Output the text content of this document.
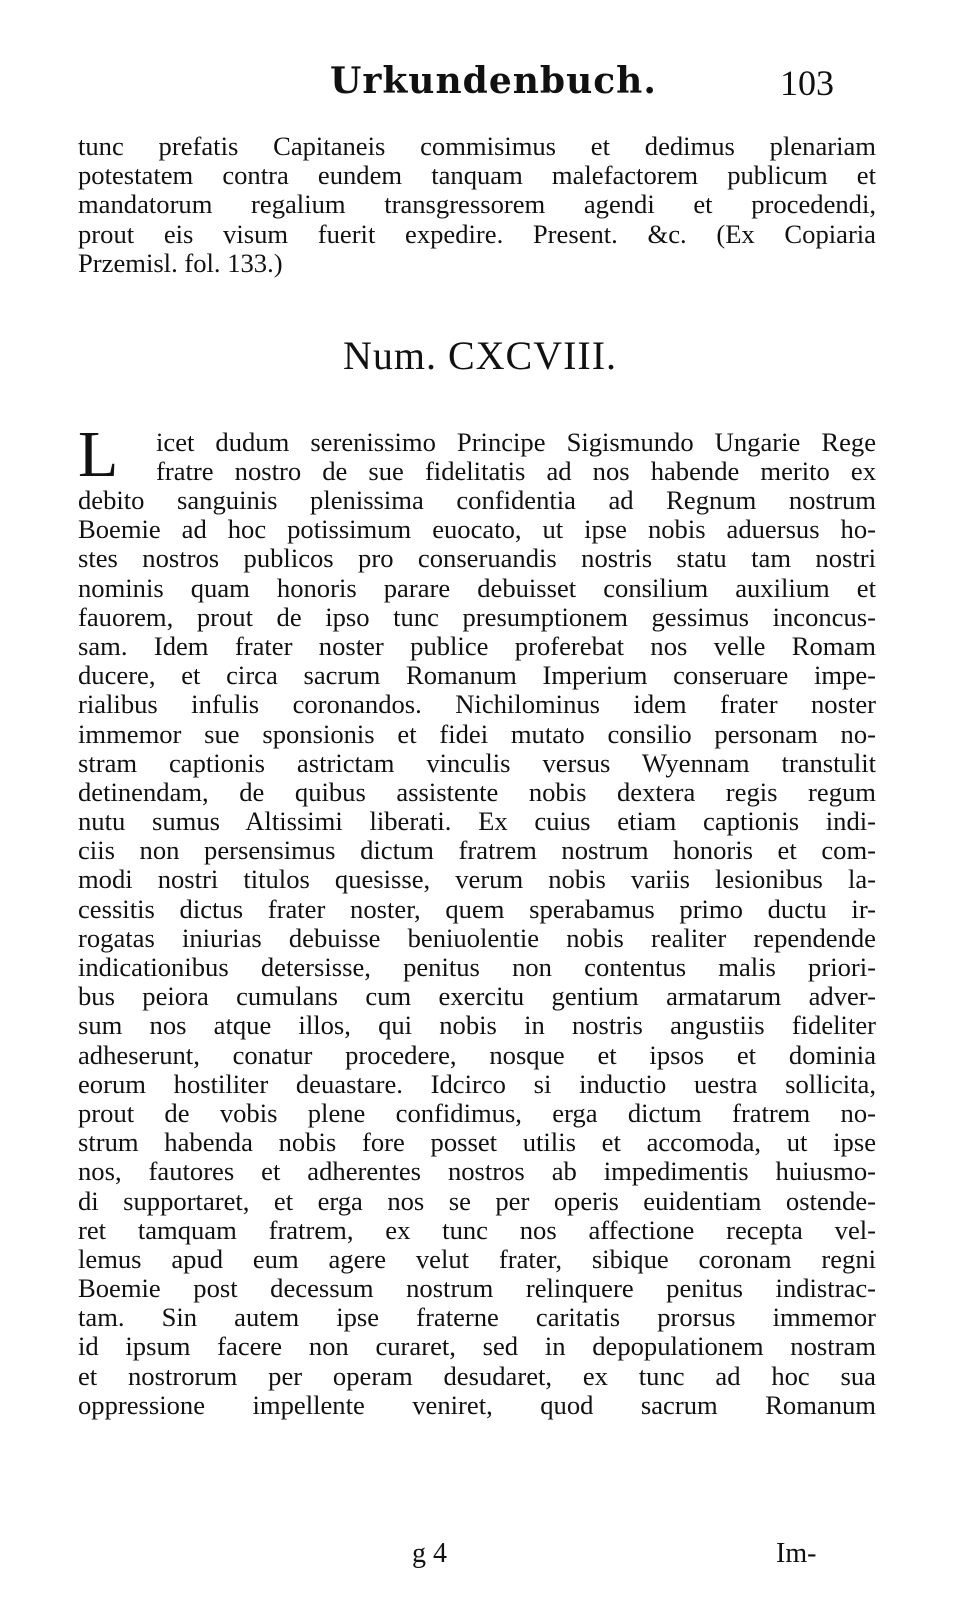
Urkundenbuch.	103
tunc prefatis Capitaneis commisimus et dedimus plenariam
potestatem contra eundem tanquam malefactorem publicum et
mandatorum regalium transgressorem agendi et procedendi,
prout eis visum fuerit expedire. Present. &c. (Ex Copiaria
Przemisl. fol. 133.)
Num. CXCVIII.
L	icet dudum serenissimo Principe Sigismundo Ungarie Rege
fratre nostro de sue fidelitatis ad nos habende merito ex
debito sanguinis plenissima confidentia ad Regnum nostrum
Boemie ad hoc potissimum euocato, ut ipse nobis aduersus ho-
stes nostros publicos pro conseruandis nostris statu tam nostri
nominis quam honoris parare debuisset consilium auxilium et
fauorem, prout de ipso tunc presumptionem gessimus inconcus-
sam. Idem frater noster publice proferebat nos velle Romam
ducere, et circa sacrum Romanum Imperium conseruare impe-
rialibus infulis coronandos. Nichilominus idem frater noster
immemor sue sponsionis et fidei mutato consilio personam no-
stram captionis astrictam vinculis versus Wyennam transtulit
detinendam, de quibus assistente nobis dextera regis regum
nutu sumus Altissimi liberati. Ex cuius etiam captionis indi-
ciis non persensimus dictum fratrem nostrum honoris et com-
modi nostri titulos quesisse, verum nobis variis lesionibus la-
cessitis dictus frater noster, quem sperabamus primo ductu ir-
rogatas iniurias debuisse beniuolentie nobis realiter rependende
indicationibus detersisse, penitus non contentus malis priori-
bus peiora cumulans cum exercitu gentium armatarum adver-
sum nos atque illos, qui nobis in nostris angustiis fideliter
adheserunt, conatur procedere, nosque et ipsos et dominia
eorum hostiliter deuastare. Idcirco si inductio uestra sollicita,
prout de vobis plene confidimus, erga dictum fratrem no-
strum habenda nobis fore posset utilis et accomoda, ut ipse
nos, fautores et adherentes nostros ab impedimentis huiusmo-
di supportaret, et erga nos se per operis euidentiam ostende-
ret tamquam fratrem, ex tunc nos affectione recepta vel-
lemus apud eum agere velut frater, sibique coronam regni
Boemie post decessum nostrum relinquere penitus indistrac-
tam. Sin autem ipse fraterne caritatis prorsus immemor
id ipsum facere non curaret, sed in depopulationem nostram
et nostrorum per operam desudaret, ex tunc ad hoc sua
oppressione impellente veniret, quod sacrum Romanum
g 4	Im-
